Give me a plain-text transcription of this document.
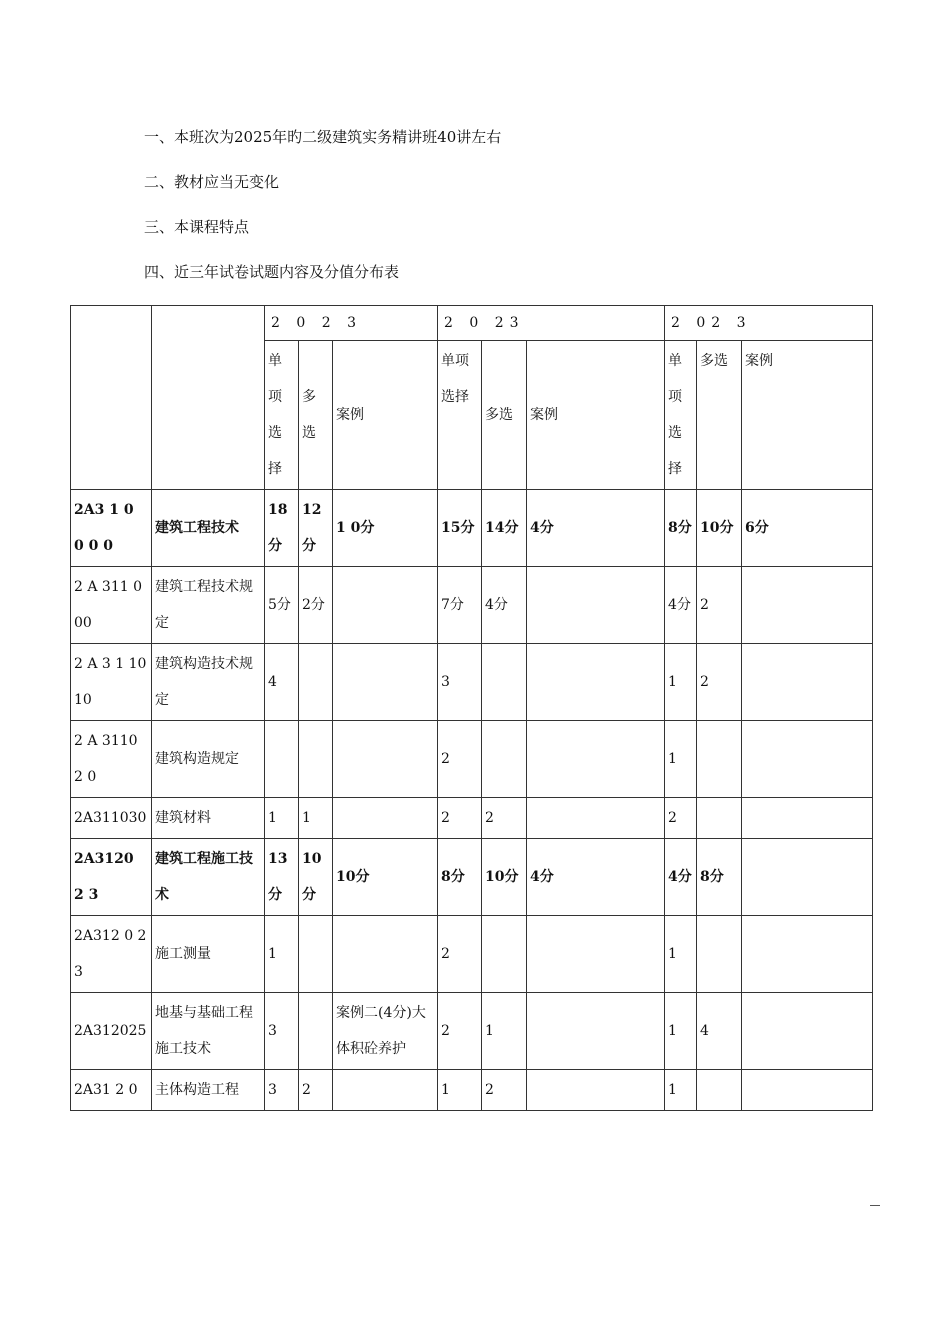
一、本班次为2025年旳二级建筑实务精讲班40讲左右

二、教材应当无变化

三、本课程特点

四、近三年试卷试题内容及分值分布表

		2 0 2 3			2 0 23			2 02 3		
		单项选择	多选	案例	单项选择	多选	案例	单项选择	多选	案例
2A3 1 0 0 0 0	建筑工程技术	18分	12分	1 0分	15分	14分	4分	8分	10分	6分
2 A 311 0 00	建筑工程技术规定	5分	2分		7分	4分		4分	2	
2 A 3 1 1010	建筑构造技术规定	4			3			1	2	
2 A 3110 2 0	建筑构造规定				2			1		
2A311030	建筑材料	1	1		2	2		2		
2A3120 2 3	建筑工程施工技术	13分	10分	10分	8分	10分	4分	4分	8分	
2A312 0 2 3	施工测量	1			2			1		
2A312025	地基与基础工程施工技术	3		案例二(4分)大体积砼养护	2	1		1	4	
2A31 2 0	主体构造工程	3	2		1	2		1		
